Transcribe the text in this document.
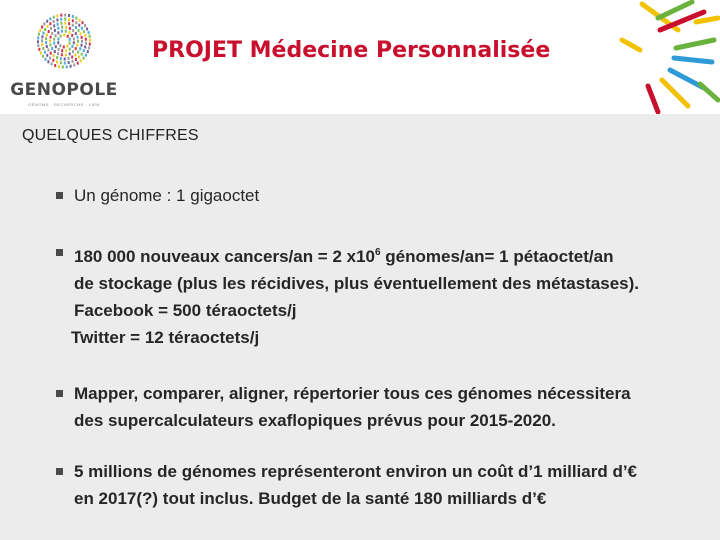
GENOPOLE
GÉNOME · RECHERCHE · LIEN
PROJET Médecine Personnalisée
QUELQUES CHIFFRES
Un génome : 1 gigaoctet
180 000 nouveaux cancers/an = 2 $x10^6$ génomes/an= 1 pétaoctet/an
de stockage (plus les récidives, plus éventuellement des métastases).
Facebook = 500 téraoctets/j
Twitter = 12 téraoctets/j
Mapper, comparer, aligner, répertorier tous ces génomes nécessitera
des supercalculateurs exaflopiques prévus pour 2015-2020.
5 millions de génomes représenteront environ un coût d’1 milliard d’€
en 2017(?) tout inclus. Budget de la santé 180 milliards d’€
